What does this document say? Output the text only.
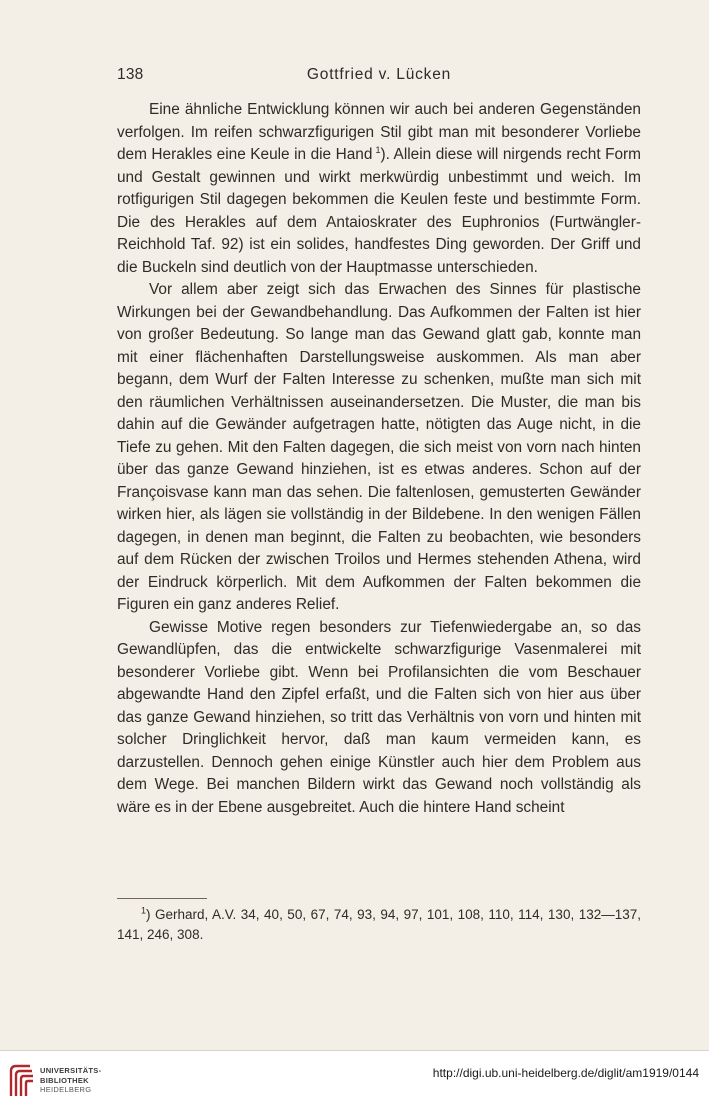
138	Gottfried v. Lücken

Eine ähnliche Entwicklung können wir auch bei anderen Gegenständen verfolgen. Im reifen schwarzfigurigen Stil gibt man mit besonderer Vorliebe dem Herakles eine Keule in die Hand  $^1$). Allein diese will nirgends recht Form und Gestalt gewinnen und wirkt merkwürdig unbestimmt und weich. Im rotfigurigen Stil dagegen bekommen die Keulen feste und bestimmte Form. Die des Herakles auf dem Antaioskrater des Euphronios (Furtwängler-Reichhold Taf. 92) ist ein solides, handfestes Ding geworden. Der Griff und die Buckeln sind deutlich von der Hauptmasse unterschieden.

Vor allem aber zeigt sich das Erwachen des Sinnes für plastische Wirkungen bei der Gewandbehandlung. Das Aufkommen der Falten ist hier von großer Bedeutung. So lange man das Gewand glatt gab, konnte man mit einer flächenhaften Darstellungsweise auskommen. Als man aber begann, dem Wurf der Falten Interesse zu schenken, mußte man sich mit den räumlichen Verhältnissen auseinandersetzen. Die Muster, die man bis dahin auf die Gewänder aufgetragen hatte, nötigten das Auge nicht, in die Tiefe zu gehen. Mit den Falten dagegen, die sich meist von vorn nach hinten über das ganze Gewand hinziehen, ist es etwas anderes. Schon auf der Françoisvase kann man das sehen. Die faltenlosen, gemusterten Gewänder wirken hier, als lägen sie vollständig in der Bildebene. In den wenigen Fällen dagegen, in denen man beginnt, die Falten zu beobachten, wie besonders auf dem Rücken der zwischen Troilos und Hermes stehenden Athena, wird der Eindruck körperlich. Mit dem Aufkommen der Falten bekommen die Figuren ein ganz anderes Relief.

Gewisse Motive regen besonders zur Tiefenwiedergabe an, so das Gewandlüpfen, das die entwickelte schwarzfigurige Vasenmalerei mit besonderer Vorliebe gibt. Wenn bei Profilansichten die vom Beschauer abgewandte Hand den Zipfel erfaßt, und die Falten sich von hier aus über das ganze Gewand hinziehen, so tritt das Verhältnis von vorn und hinten mit solcher Dringlichkeit hervor, daß man kaum vermeiden kann, es darzustellen. Dennoch gehen einige Künstler auch hier dem Problem aus dem Wege. Bei manchen Bildern wirkt das Gewand noch vollständig als wäre es in der Ebene ausgebreitet. Auch die hintere Hand scheint

$^1$) Gerhard, A.V. 34, 40, 50, 67, 74, 93, 94, 97, 101, 108, 110, 114, 130, 132—137, 141, 246, 308.
UNIVERSITÄTS-
BIBLIOTHEK
HEIDELBERG
http://digi.ub.uni-heidelberg.de/diglit/am1919/0144
